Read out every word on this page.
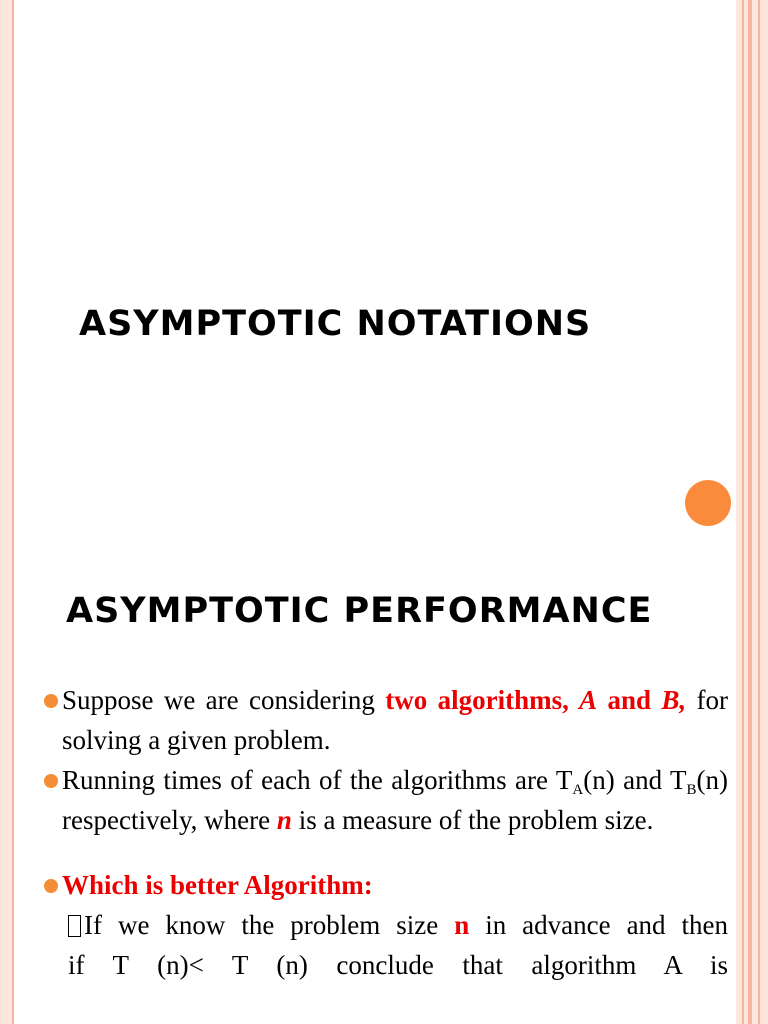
ASYMPTOTIC NOTATIONS
ASYMPTOTIC PERFORMANCE
Suppose we are considering two algorithms, A and B, for solving a given problem.
Running times of each of the algorithms are $T_A(n)$ and $T_B(n)$ respectively, where n is a measure of the problem size.
Which is better Algorithm:
If we know the problem size n in advance and then
if T (n)< T (n) conclude that algorithm A is
